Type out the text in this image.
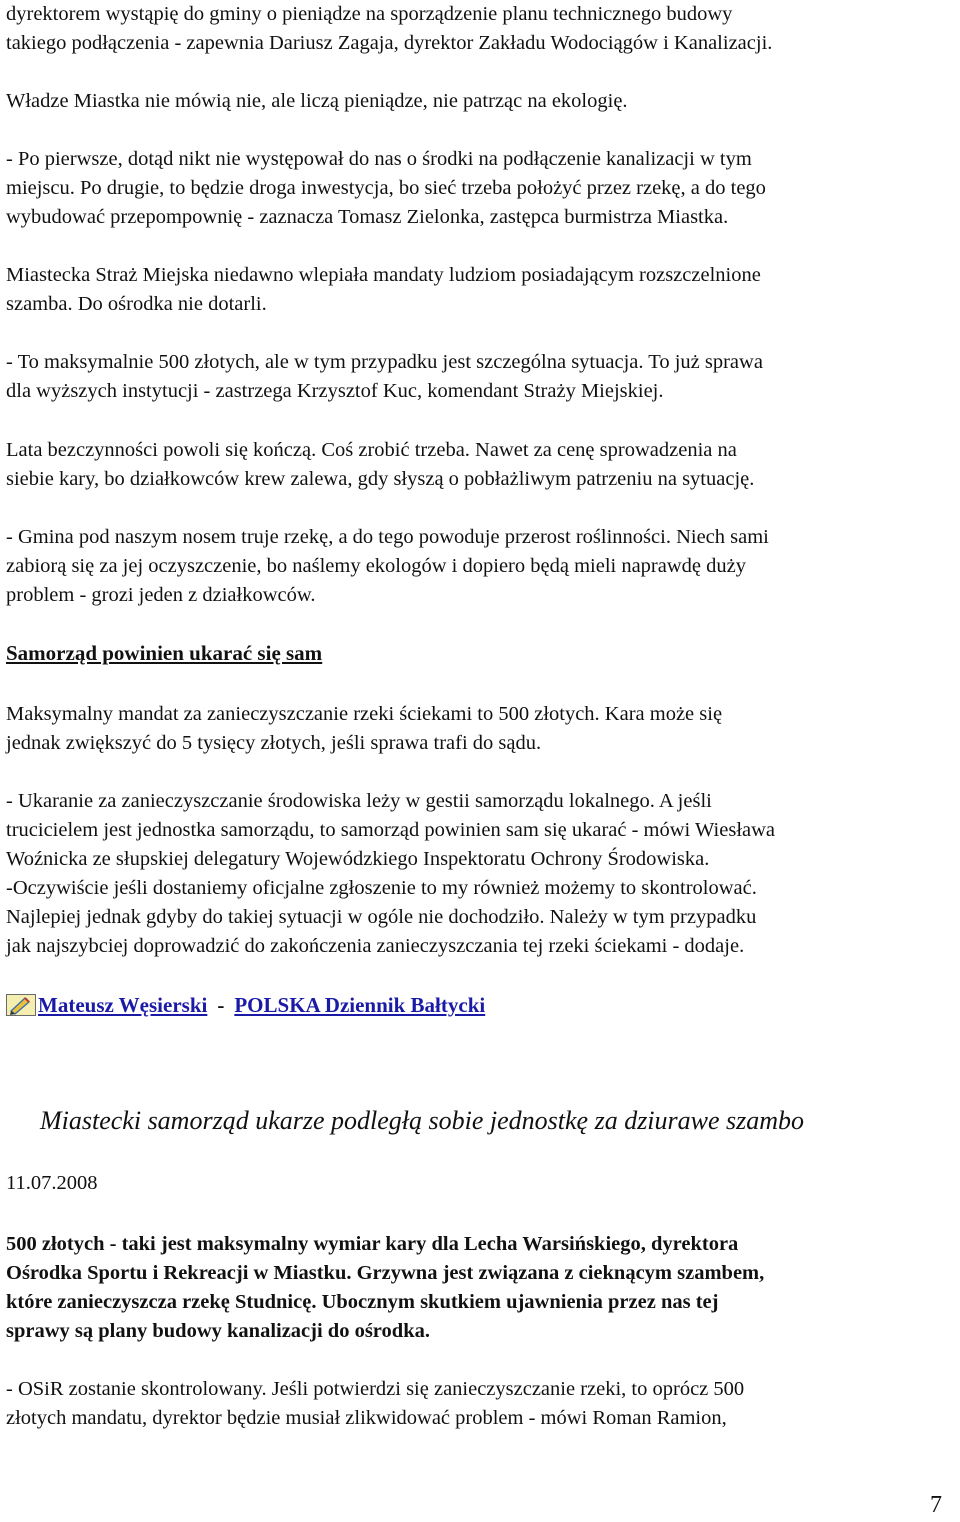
dyrektorem wystąpię do gminy o pieniądze na sporządzenie planu technicznego budowy
takiego podłączenia - zapewnia Dariusz Zagaja, dyrektor Zakładu Wodociągów i Kanalizacji.

Władze Miastka nie mówią nie, ale liczą pieniądze, nie patrząc na ekologię.

- Po pierwsze, dotąd nikt nie występował do nas o środki na podłączenie kanalizacji w tym
miejscu. Po drugie, to będzie droga inwestycja, bo sieć trzeba położyć przez rzekę, a do tego
wybudować przepompownię - zaznacza Tomasz Zielonka, zastępca burmistrza Miastka.

Miastecka Straż Miejska niedawno wlepiała mandaty ludziom posiadającym rozszczelnione
szamba. Do ośrodka nie dotarli.

- To maksymalnie 500 złotych, ale w tym przypadku jest szczególna sytuacja. To już sprawa
dla wyższych instytucji - zastrzega Krzysztof Kuc, komendant Straży Miejskiej.

Lata bezczynności powoli się kończą. Coś zrobić trzeba. Nawet za cenę sprowadzenia na
siebie kary, bo działkowców krew zalewa, gdy słyszą o pobłażliwym patrzeniu na sytuację.

- Gmina pod naszym nosem truje rzekę, a do tego powoduje przerost roślinności. Niech sami
zabiorą się za jej oczyszczenie, bo naślemy ekologów i dopiero będą mieli naprawdę duży
problem - grozi jeden z działkowców.

Samorząd powinien ukarać się sam

Maksymalny mandat za zanieczyszczanie rzeki ściekami to 500 złotych. Kara może się
jednak zwiększyć do 5 tysięcy złotych, jeśli sprawa trafi do sądu.

- Ukaranie za zanieczyszczanie środowiska leży w gestii samorządu lokalnego. A jeśli
trucicielem jest jednostka samorządu, to samorząd powinien sam się ukarać - mówi Wiesława
Woźnicka ze słupskiej delegatury Wojewódzkiego Inspektoratu Ochrony Środowiska.
-Oczywiście jeśli dostaniemy oficjalne zgłoszenie to my również możemy to skontrolować.
Najlepiej jednak gdyby do takiej sytuacji w ogóle nie dochodziło. Należy w tym przypadku
jak najszybciej doprowadzić do zakończenia zanieczyszczania tej rzeki ściekami - dodaje.

Mateusz Węsierski - POLSKA Dziennik Bałtycki
Miastecki samorząd ukarze podległą sobie jednostkę za dziurawe szambo
11.07.2008

500 złotych - taki jest maksymalny wymiar kary dla Lecha Warsińskiego, dyrektora
Ośrodka Sportu i Rekreacji w Miastku. Grzywna jest związana z cieknącym szambem,
które zanieczyszcza rzekę Studnicę. Ubocznym skutkiem ujawnienia przez nas tej
sprawy są plany budowy kanalizacji do ośrodka.

- OSiR zostanie skontrolowany. Jeśli potwierdzi się zanieczyszczanie rzeki, to oprócz 500
złotych mandatu, dyrektor będzie musiał zlikwidować problem - mówi Roman Ramion,

7
